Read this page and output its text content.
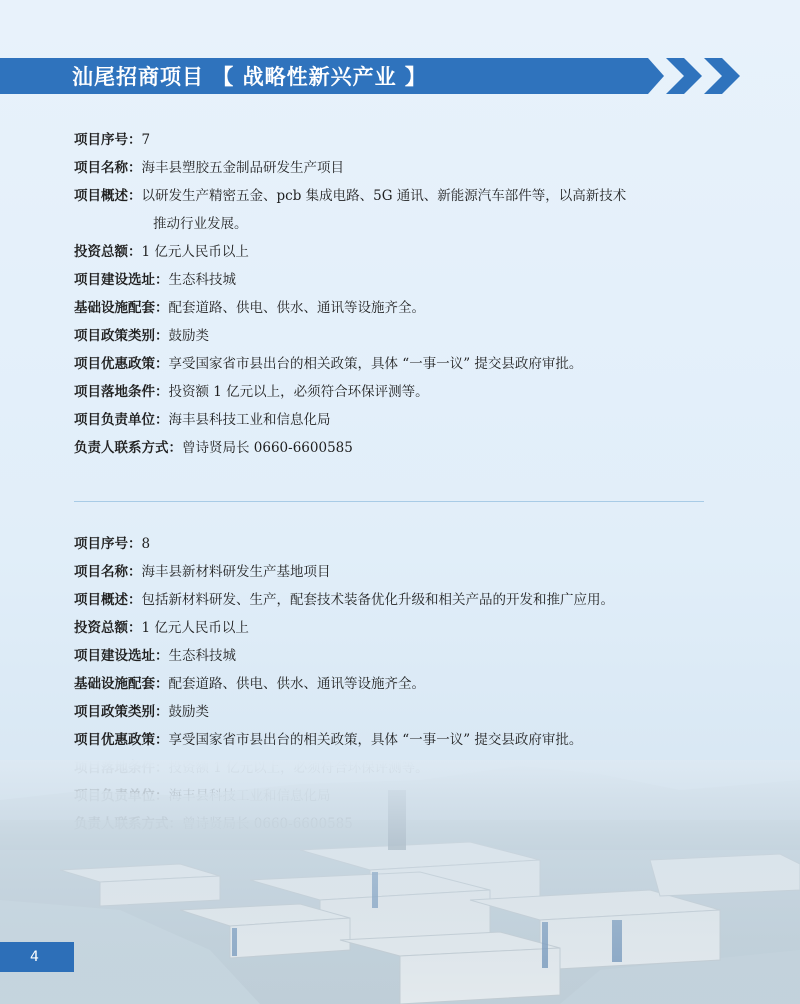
汕尾招商项目 【 战略性新兴产业 】
项目序号：7
项目名称：海丰县塑胶五金制品研发生产项目
项目概述：以研发生产精密五金、pcb 集成电路、5G 通讯、新能源汽车部件等，以高新技术
推动行业发展。
投资总额：1 亿元人民币以上
项目建设选址：生态科技城
基础设施配套：配套道路、供电、供水、通讯等设施齐全。
项目政策类别：鼓励类
项目优惠政策：享受国家省市县出台的相关政策，具体 “一事一议” 提交县政府审批。
项目落地条件：投资额 1 亿元以上，必须符合环保评测等。
项目负责单位：海丰县科技工业和信息化局
负责人联系方式：曾诗贤局长 0660-6600585
项目序号：8
项目名称：海丰县新材料研发生产基地项目
项目概述：包括新材料研发、生产，配套技术装备优化升级和相关产品的开发和推广应用。
投资总额：1 亿元人民币以上
项目建设选址：生态科技城
基础设施配套：配套道路、供电、供水、通讯等设施齐全。
项目政策类别：鼓励类
项目优惠政策：享受国家省市县出台的相关政策，具体 “一事一议” 提交县政府审批。
4
